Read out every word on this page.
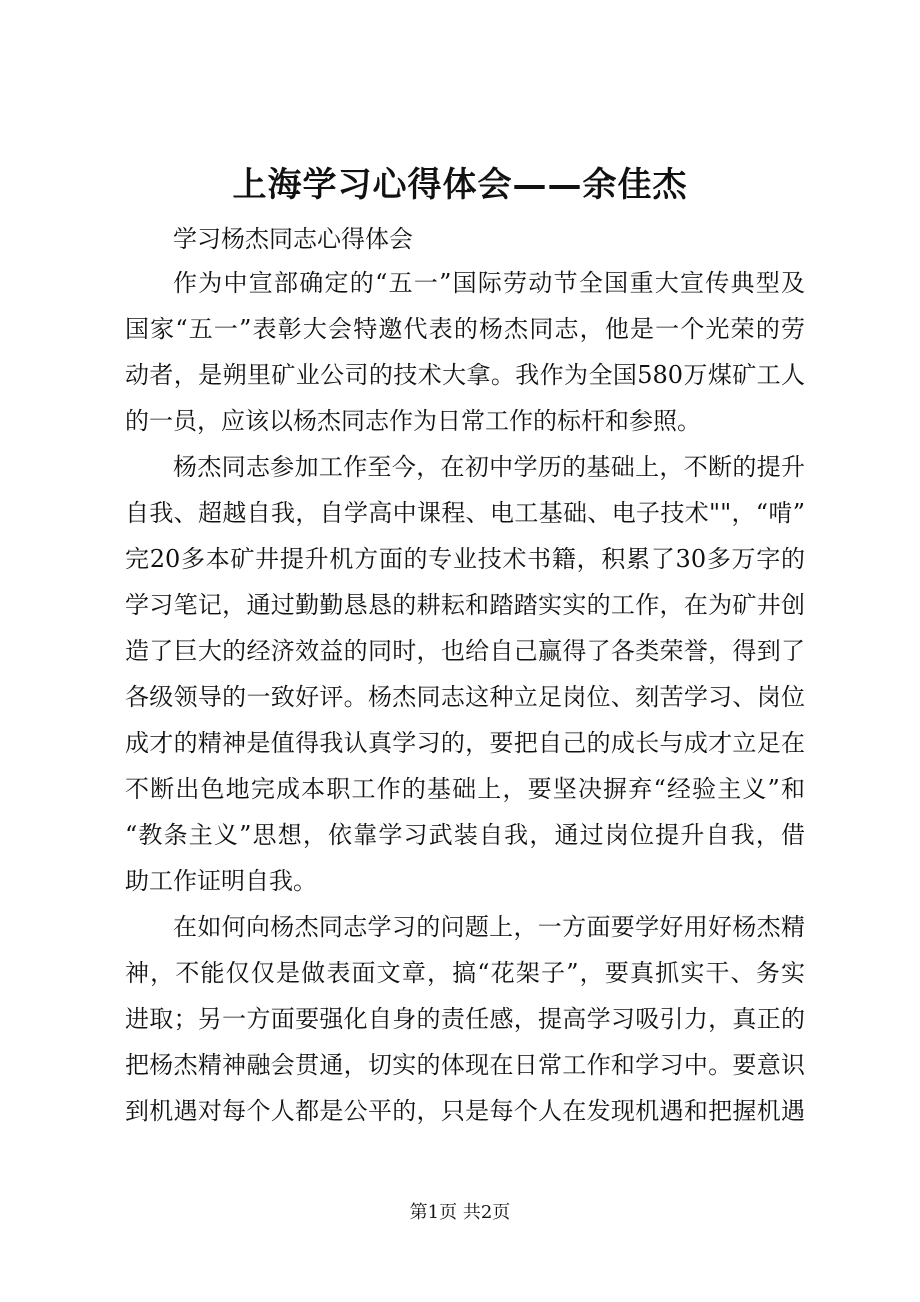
上海学习心得体会——余佳杰
学习杨杰同志心得体会
作为中宣部确定的“五一”国际劳动节全国重大宣传典型及
国家“五一”表彰大会特邀代表的杨杰同志，他是一个光荣的劳
动者，是朔里矿业公司的技术大拿。我作为全国580万煤矿工人
的一员，应该以杨杰同志作为日常工作的标杆和参照。
杨杰同志参加工作至今，在初中学历的基础上，不断的提升
自我、超越自我，自学高中课程、电工基础、电子技术""，“啃”
完20多本矿井提升机方面的专业技术书籍，积累了30多万字的
学习笔记，通过勤勤恳恳的耕耘和踏踏实实的工作，在为矿井创
造了巨大的经济效益的同时，也给自己赢得了各类荣誉，得到了
各级领导的一致好评。杨杰同志这种立足岗位、刻苦学习、岗位
成才的精神是值得我认真学习的，要把自己的成长与成才立足在
不断出色地完成本职工作的基础上，要坚决摒弃“经验主义”和
“教条主义”思想，依靠学习武装自我，通过岗位提升自我，借
助工作证明自我。
在如何向杨杰同志学习的问题上，一方面要学好用好杨杰精
神，不能仅仅是做表面文章，搞“花架子”，要真抓实干、务实
进取；另一方面要强化自身的责任感，提高学习吸引力，真正的
把杨杰精神融会贯通，切实的体现在日常工作和学习中。要意识
到机遇对每个人都是公平的，只是每个人在发现机遇和把握机遇
第1页 共2页
